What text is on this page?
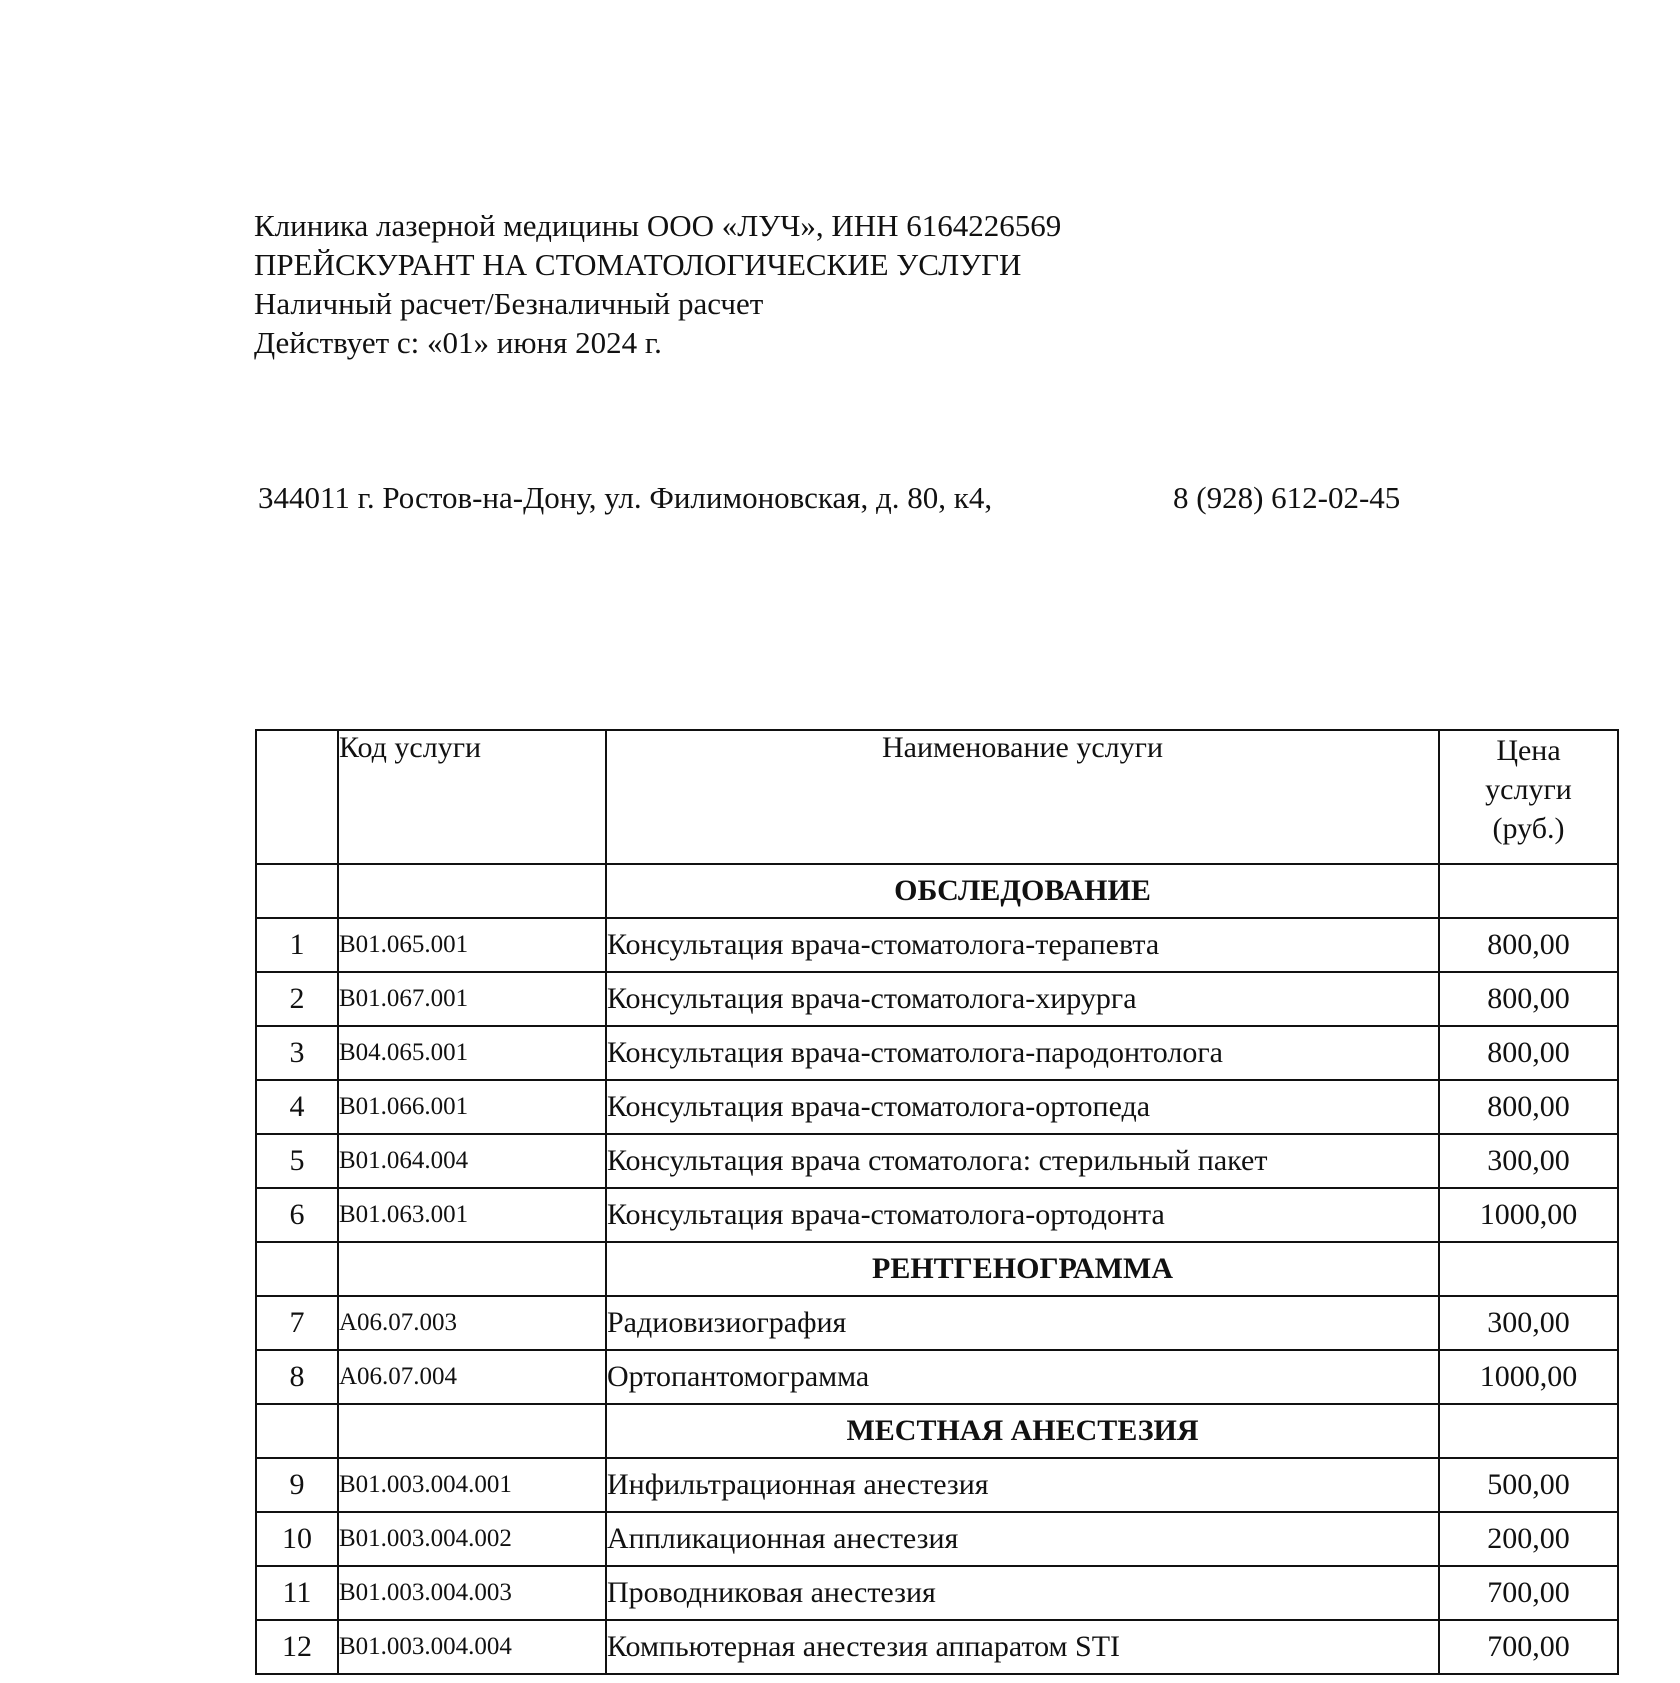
Клиника лазерной медицины ООО «ЛУЧ», ИНН 6164226569
ПРЕЙСКУРАНТ НА СТОМАТОЛОГИЧЕСКИЕ УСЛУГИ
Наличный расчет/Безналичный расчет
Действует с: «01» июня 2024 г.
344011 г. Ростов-на-Дону, ул. Филимоновская, д. 80, к4,	8 (928) 612-02-45
	Код услуги	Наименование услуги	Цена
услуги
(руб.)

		ОБСЛЕДОВАНИЕ	
1	B01.065.001	Консультация врача-стоматолога-терапевта	800,00
2	B01.067.001	Консультация врача-стоматолога-хирурга	800,00
3	B04.065.001	Консультация врача-стоматолога-пародонтолога	800,00
4	B01.066.001	Консультация врача-стоматолога-ортопеда	800,00
5	B01.064.004	Консультация врача стоматолога: стерильный пакет	300,00
6	B01.063.001	Консультация врача-стоматолога-ортодонта	1000,00
		РЕНТГЕНОГРАММА	
7	A06.07.003	Радиовизиография	300,00
8	A06.07.004	Ортопантомограмма	1000,00
		МЕСТНАЯ АНЕСТЕЗИЯ	
9	B01.003.004.001	Инфильтрационная анестезия	500,00
10	B01.003.004.002	Аппликационная анестезия	200,00
11	B01.003.004.003	Проводниковая анестезия	700,00
12	B01.003.004.004	Компьютерная анестезия аппаратом STI	700,00
